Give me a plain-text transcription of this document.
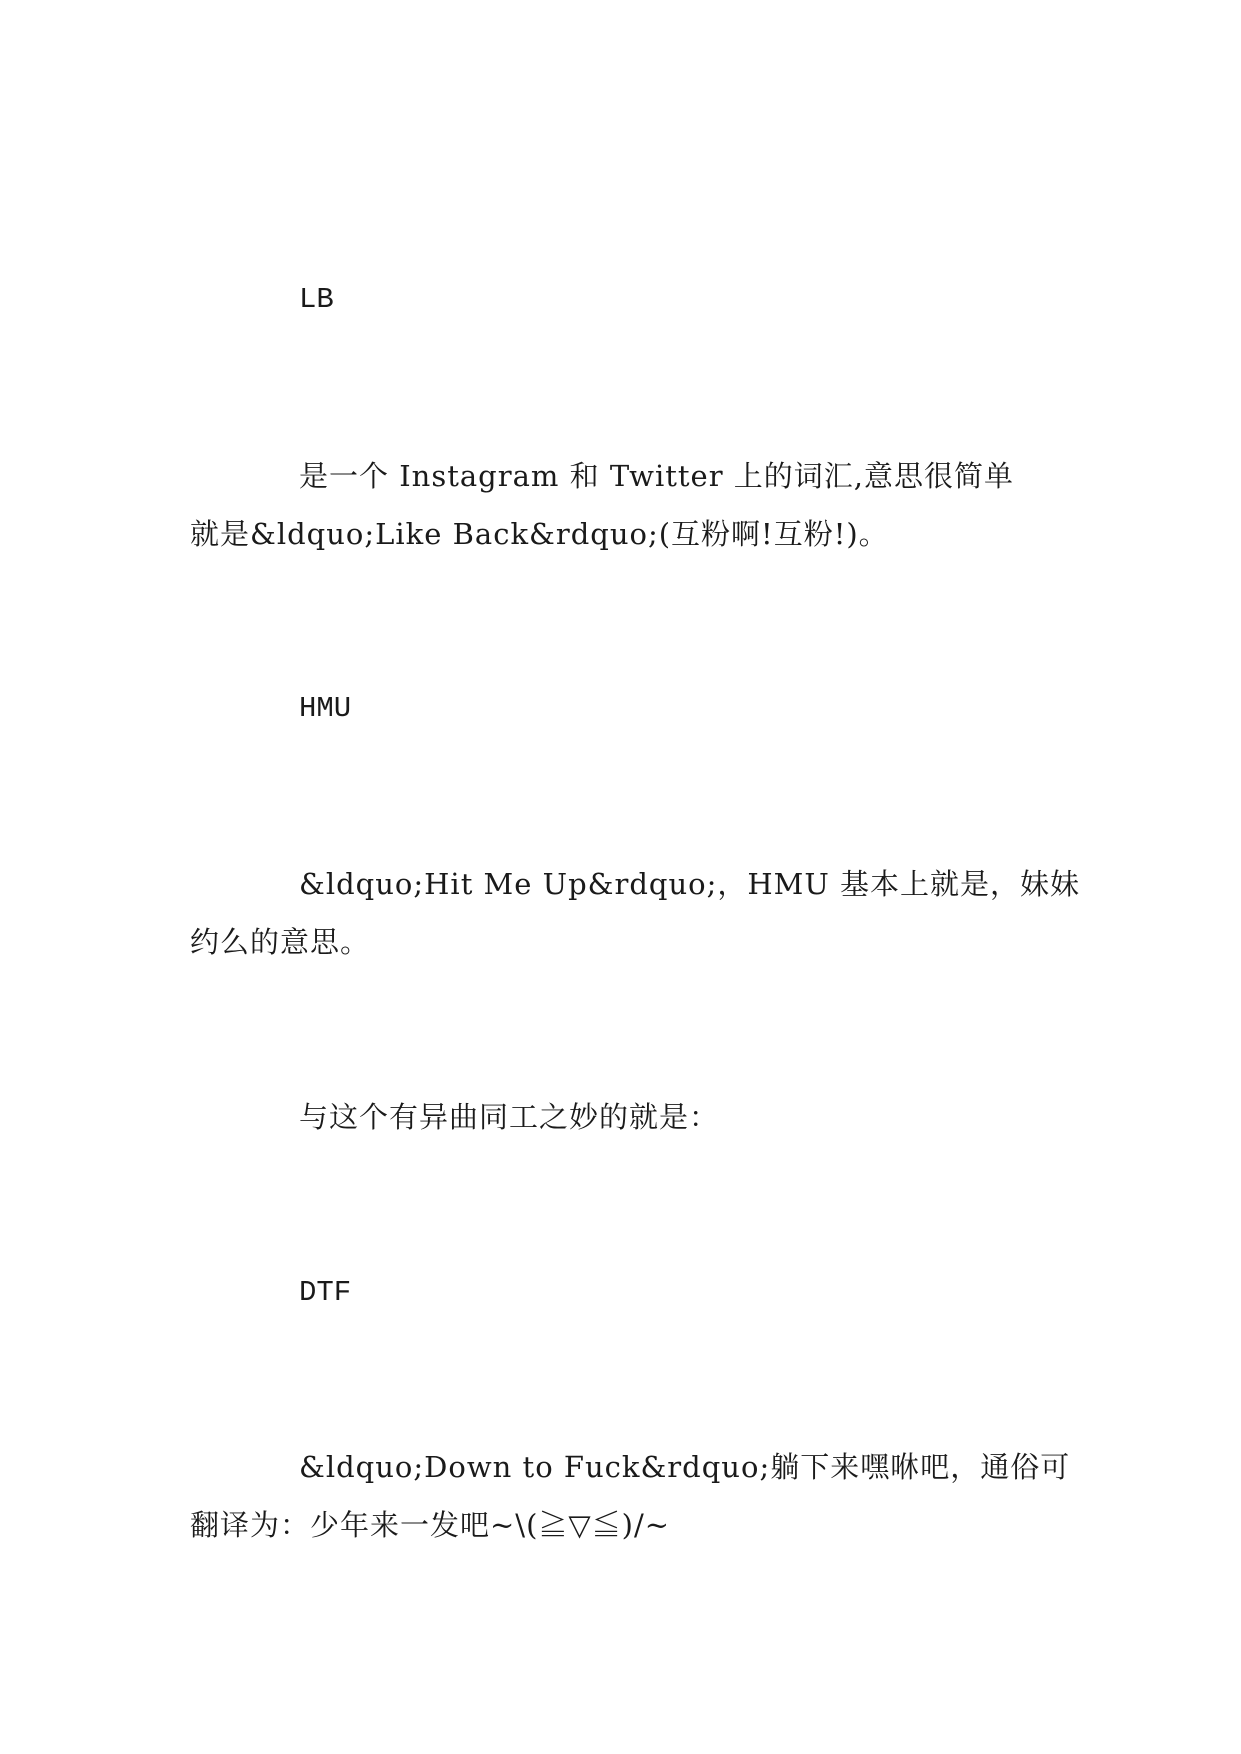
LB
是一个 Instagram 和 Twitter 上的词汇,意思很简单
就是&ldquo;Like Back&rdquo;(互粉啊!互粉!)。
HMU
&ldquo;Hit Me Up&rdquo;，HMU 基本上就是，妹妹
约么的意思。
与这个有异曲同工之妙的就是：
DTF
&ldquo;Down to Fuck&rdquo;躺下来嘿咻吧，通俗可
翻译为：少年来一发吧~\(≧▽≦)/~
